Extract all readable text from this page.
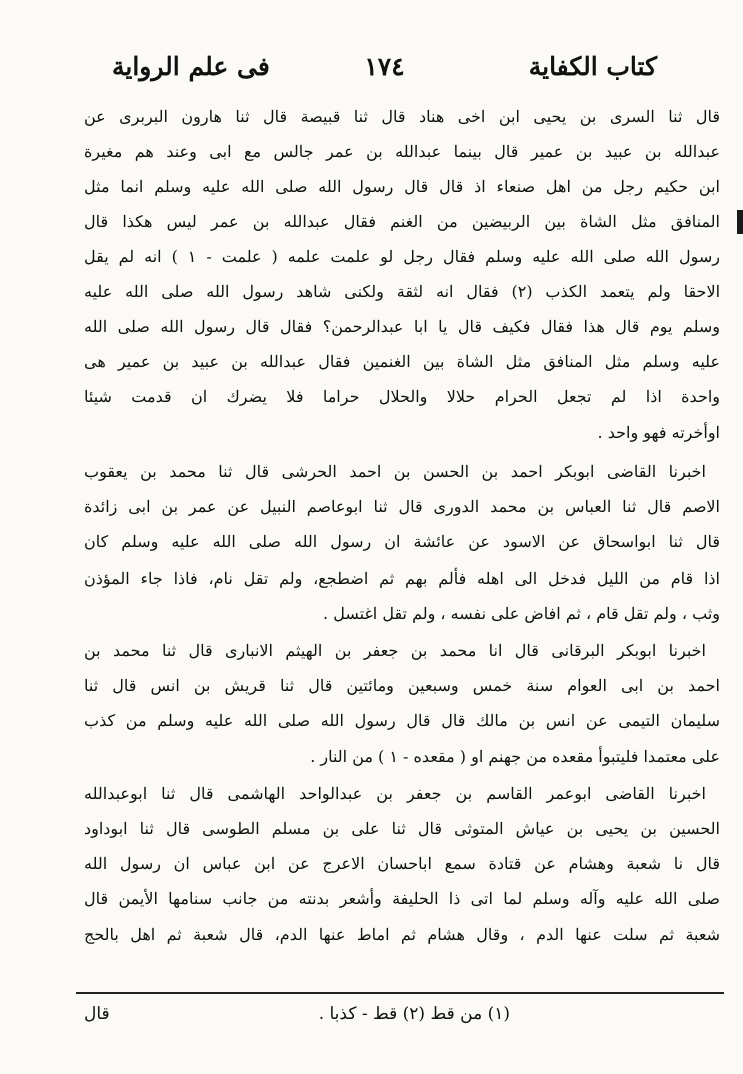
كتاب الكفاية
١٧٤
فى علم الرواية
قال ثنا السرى بن يحيى ابن اخى هناد قال ثنا قبيصة قال ثنا هارون البربرى عن
عبدالله بن عبيد بن عمير قال بينما عبدالله بن عمر جالس مع ابى وعند هم مغيرة
ابن حكيم رجل من اهل صنعاء اذ قال قال رسول الله صلى الله عليه وسلم انما مثل
المنافق مثل الشاة بين الربيضين من الغنم فقال عبدالله بن عمر ليس هكذا قال
رسول الله صلى الله عليه وسلم فقال رجل لو علمت علمه ( علمت - ١ ) انه لم يقل
الاحقا ولم يتعمد الكذب (٢) فقال انه لثقة ولكنى شاهد رسول الله صلى الله عليه
وسلم يوم قال هذا فقال فكيف قال يا ابا عبدالرحمن؟ فقال قال رسول الله صلى الله
عليه وسلم مثل المنافق مثل الشاة بين الغنمين فقال عبدالله بن عبيد بن عمير هى
واحدة اذا لم تجعل الحرام حلالا والحلال حراما فلا يضرك ان قدمت شيئا
اوأخرته فهو واحد .
اخبرنا القاضى ابوبكر احمد بن الحسن بن احمد الحرشى قال ثنا محمد بن يعقوب
الاصم قال ثنا العباس بن محمد الدورى قال ثنا ابوعاصم النبيل عن عمر بن ابى زائدة
قال ثنا ابواسحاق عن الاسود عن عائشة ان رسول الله صلى الله عليه وسلم كان
اذا قام من الليل فدخل الى اهله فألم بهم ثم اضطجع، ولم تقل نام، فاذا جاء المؤذن
وثب ، ولم تقل قام ، ثم افاض على نفسه ، ولم تقل اغتسل .
اخبرنا ابوبكر البرقانى قال انا محمد بن جعفر بن الهيثم الانبارى قال ثنا محمد بن
احمد بن ابى العوام سنة خمس وسبعين ومائتين قال ثنا قريش بن انس قال ثنا
سليمان التيمى عن انس بن مالك قال قال رسول الله صلى الله عليه وسلم من كذب
على معتمدا فليتبوأ مقعده من جهنم او ( مقعده - ١ ) من النار .
اخبرنا القاضى ابوعمر القاسم بن جعفر بن عبدالواحد الهاشمى قال ثنا ابوعبدالله
الحسين بن يحيى بن عياش المتوثى قال ثنا على بن مسلم الطوسى قال ثنا ابوداود
قال نا شعبة وهشام عن قتادة سمع اباحسان الاعرج عن ابن عباس ان رسول الله
صلى الله عليه وآله وسلم لما اتى ذا الحليفة وأشعر بدنته من جانب سنامها الأيمن قال
شعبة ثم سلت عنها الدم ، وقال هشام ثم اماط عنها الدم، قال شعبة ثم اهل بالحج
(١) من قط (٢) قط - كذبا .
قال
